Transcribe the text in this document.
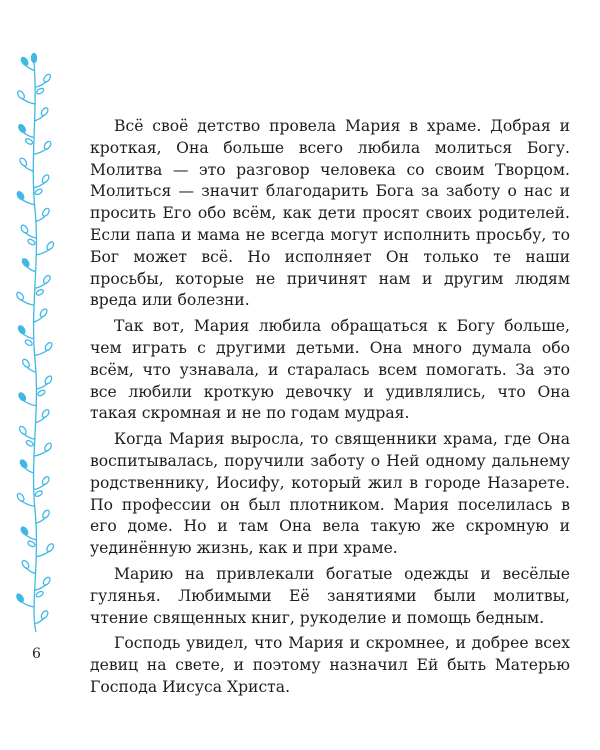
Всё своё детство провела Мария в храме. Добрая и кроткая, Она больше всего любила молиться Богу. Молитва — это разговор человека со своим Творцом. Молиться — значит благодарить Бога за заботу о нас и просить Его обо всём, как дети просят своих родителей. Если папа и мама не всегда могут исполнить просьбу, то Бог может всё. Но исполняет Он только те наши просьбы, которые не причинят нам и другим людям вреда или болезни.

Так вот, Мария любила обращаться к Богу больше, чем играть с другими детьми. Она много думала обо всём, что узнавала, и старалась всем помогать. За это все любили кроткую девочку и удивлялись, что Она такая скромная и не по годам мудрая.

Когда Мария выросла, то священники храма, где Она воспитывалась, поручили заботу о Ней одному дальнему родственнику, Иосифу, который жил в городе Назарете. По профессии он был плотником. Мария поселилась в его доме. Но и там Она вела такую же скромную и уединённую жизнь, как и при храме.

Марию на привлекали богатые одежды и весёлые гулянья. Любимыми Её занятиями были молитвы, чтение священных книг, рукоделие и помощь бедным.

Господь увидел, что Мария и скромнее, и добрее всех девиц на свете, и поэтому назначил Ей быть Матерью Господа Иисуса Христа.

6
